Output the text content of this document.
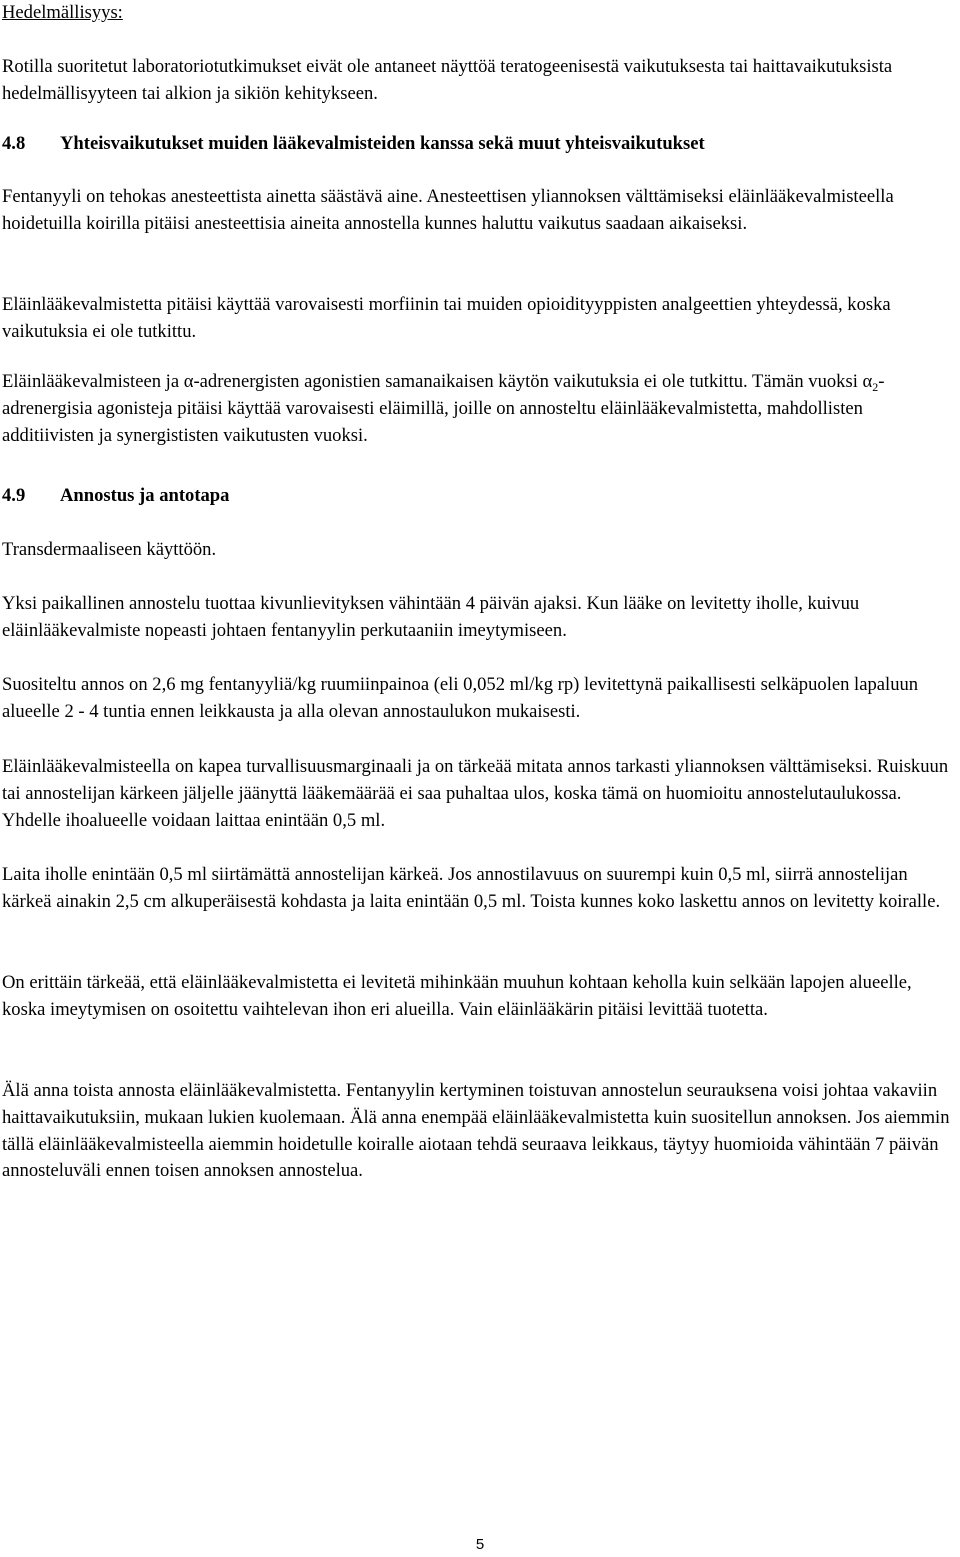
Hedelmällisyys:

Rotilla suoritetut laboratoriotutkimukset eivät ole antaneet näyttöä teratogeenisestä vaikutuksesta tai haittavaikutuksista hedelmällisyyteen tai alkion ja sikiön kehitykseen.

4.8 Yhteisvaikutukset muiden lääkevalmisteiden kanssa sekä muut yhteisvaikutukset

Fentanyyli on tehokas anesteettista ainetta säästävä aine. Anesteettisen yliannoksen välttämiseksi eläinlääkevalmisteella hoidetuilla koirilla pitäisi anesteettisia aineita annostella kunnes haluttu vaikutus saadaan aikaiseksi.

Eläinlääkevalmistetta pitäisi käyttää varovaisesti morfiinin tai muiden opioidityyppisten analgeettien yhteydessä, koska vaikutuksia ei ole tutkittu.

Eläinlääkevalmisteen ja α-adrenergisten agonistien samanaikaisen käytön vaikutuksia ei ole tutkittu. Tämän vuoksi $\alpha_2$-adrenergisia agonisteja pitäisi käyttää varovaisesti eläimillä, joille on annosteltu eläinlääkevalmistetta, mahdollisten additiivisten ja synergististen vaikutusten vuoksi.

4.9 Annostus ja antotapa

Transdermaaliseen käyttöön.

Yksi paikallinen annostelu tuottaa kivunlievityksen vähintään 4 päivän ajaksi. Kun lääke on levitetty iholle, kuivuu eläinlääkevalmiste nopeasti johtaen fentanyylin perkutaaniin imeytymiseen.

Suositeltu annos on 2,6 mg fentanyyliä/kg ruumiinpainoa (eli 0,052 ml/kg rp) levitettynä paikallisesti selkäpuolen lapaluun alueelle 2 - 4 tuntia ennen leikkausta ja alla olevan annostaulukon mukaisesti.

Eläinlääkevalmisteella on kapea turvallisuusmarginaali ja on tärkeää mitata annos tarkasti yliannoksen välttämiseksi. Ruiskuun tai annostelijan kärkeen jäljelle jäänyttä lääkemäärää ei saa puhaltaa ulos, koska tämä on huomioitu annostelutaulukossa. Yhdelle ihoalueelle voidaan laittaa enintään 0,5 ml.

Laita iholle enintään 0,5 ml siirtämättä annostelijan kärkeä. Jos annostilavuus on suurempi kuin 0,5 ml, siirrä annostelijan kärkeä ainakin 2,5 cm alkuperäisestä kohdasta ja laita enintään 0,5 ml. Toista kunnes koko laskettu annos on levitetty koiralle.

On erittäin tärkeää, että eläinlääkevalmistetta ei levitetä mihinkään muuhun kohtaan keholla kuin selkään lapojen alueelle, koska imeytymisen on osoitettu vaihtelevan ihon eri alueilla. Vain eläinlääkärin pitäisi levittää tuotetta.

Älä anna toista annosta eläinlääkevalmistetta. Fentanyylin kertyminen toistuvan annostelun seurauksena voisi johtaa vakaviin haittavaikutuksiin, mukaan lukien kuolemaan. Älä anna enempää eläinlääkevalmistetta kuin suositellun annoksen. Jos aiemmin tällä eläinlääkevalmisteella aiemmin hoidetulle koiralle aiotaan tehdä seuraava leikkaus, täytyy huomioida vähintään 7 päivän annosteluväli ennen toisen annoksen annostelua.

5
